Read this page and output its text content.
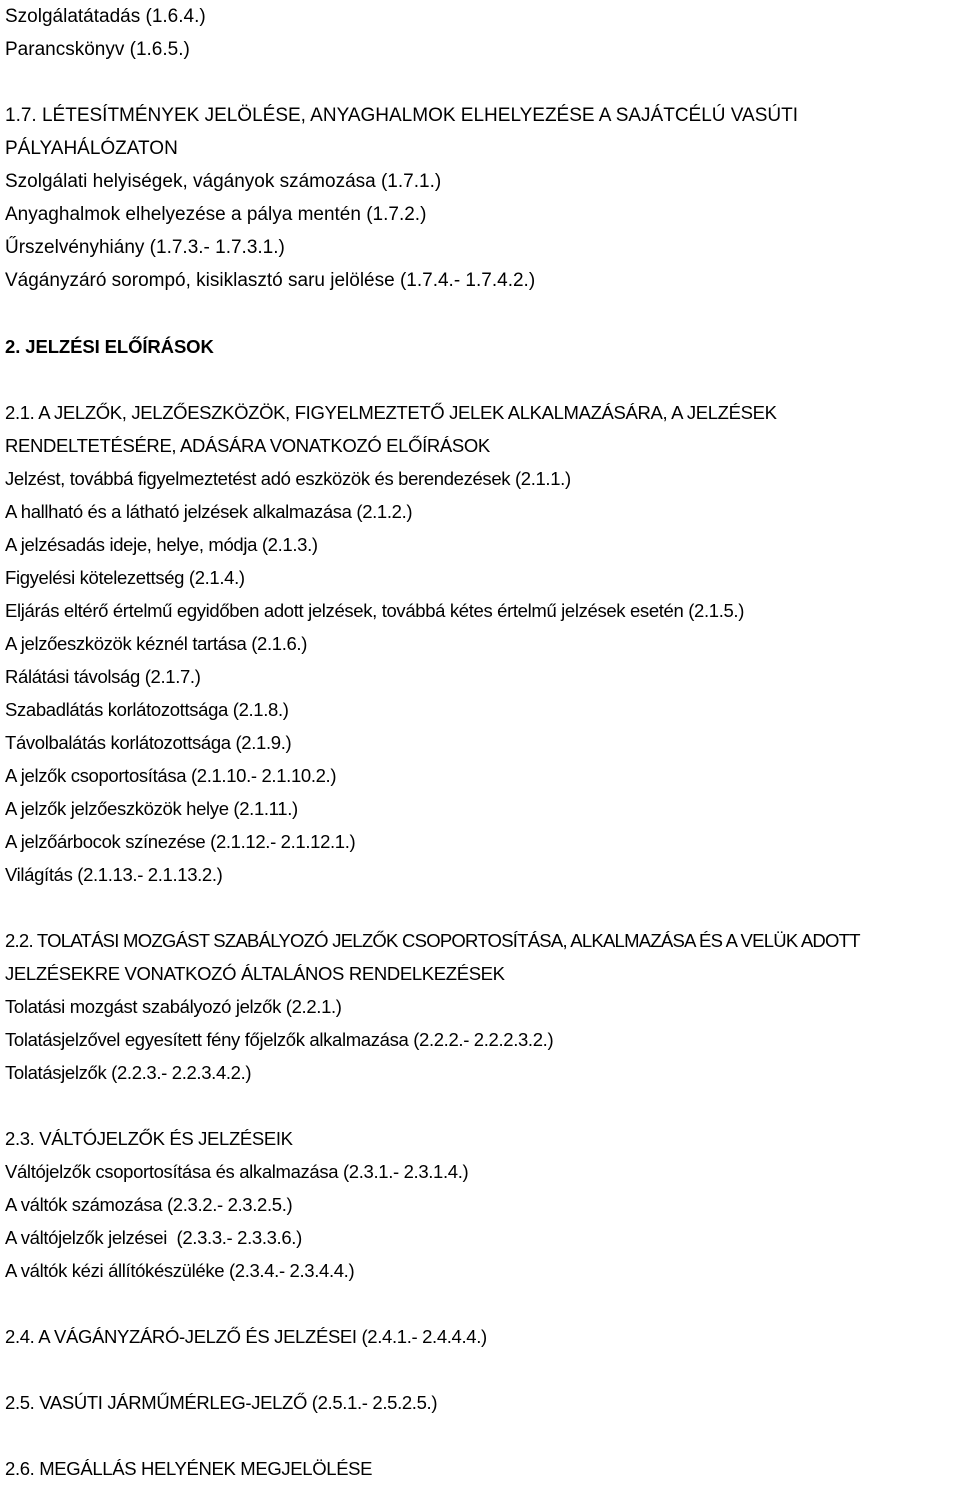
Szolgálatátadás (1.6.4.)
Parancskönyv (1.6.5.)
1.7. LÉTESÍTMÉNYEK JELÖLÉSE, ANYAGHALMOK ELHELYEZÉSE A SAJÁTCÉLÚ VASÚTI
PÁLYAHÁLÓZATON
Szolgálati helyiségek, vágányok számozása (1.7.1.)
Anyaghalmok elhelyezése a pálya mentén (1.7.2.)
Űrszelvényhiány (1.7.3.- 1.7.3.1.)
Vágányzáró sorompó, kisiklasztó saru jelölése (1.7.4.- 1.7.4.2.)
2. JELZÉSI ELŐÍRÁSOK
2.1. A JELZŐK, JELZŐESZKÖZÖK, FIGYELMEZTETŐ JELEK ALKALMAZÁSÁRA, A JELZÉSEK
RENDELTETÉSÉRE, ADÁSÁRA VONATKOZÓ ELŐÍRÁSOK
Jelzést, továbbá figyelmeztetést adó eszközök és berendezések (2.1.1.)
A hallható és a látható jelzések alkalmazása (2.1.2.)
A jelzésadás ideje, helye, módja (2.1.3.)
Figyelési kötelezettség (2.1.4.)
Eljárás eltérő értelmű egyidőben adott jelzések, továbbá kétes értelmű jelzések esetén (2.1.5.)
A jelzőeszközök kéznél tartása (2.1.6.)
Rálátási távolság (2.1.7.)
Szabadlátás korlátozottsága (2.1.8.)
Távolbalátás korlátozottsága (2.1.9.)
A jelzők csoportosítása (2.1.10.- 2.1.10.2.)
A jelzők jelzőeszközök helye (2.1.11.)
A jelzőárbocok színezése (2.1.12.- 2.1.12.1.)
Világítás (2.1.13.- 2.1.13.2.)
2.2. TOLATÁSI MOZGÁST SZABÁLYOZÓ JELZŐK CSOPORTOSÍTÁSA, ALKALMAZÁSA ÉS A VELÜK ADOTT
JELZÉSEKRE VONATKOZÓ ÁLTALÁNOS RENDELKEZÉSEK
Tolatási mozgást szabályozó jelzők (2.2.1.)
Tolatásjelzővel egyesített fény főjelzők alkalmazása (2.2.2.- 2.2.2.3.2.)
Tolatásjelzők (2.2.3.- 2.2.3.4.2.)
2.3. VÁLTÓJELZŐK ÉS JELZÉSEIK
Váltójelzők csoportosítása és alkalmazása (2.3.1.- 2.3.1.4.)
A váltók számozása (2.3.2.- 2.3.2.5.)
A váltójelzők jelzései  (2.3.3.- 2.3.3.6.)
A váltók kézi állítókészüléke (2.3.4.- 2.3.4.4.)
2.4. A VÁGÁNYZÁRÓ-JELZŐ ÉS JELZÉSEI (2.4.1.- 2.4.4.4.)
2.5. VASÚTI JÁRMŰMÉRLEG-JELZŐ (2.5.1.- 2.5.2.5.)
2.6. MEGÁLLÁS HELYÉNEK MEGJELÖLÉSE
